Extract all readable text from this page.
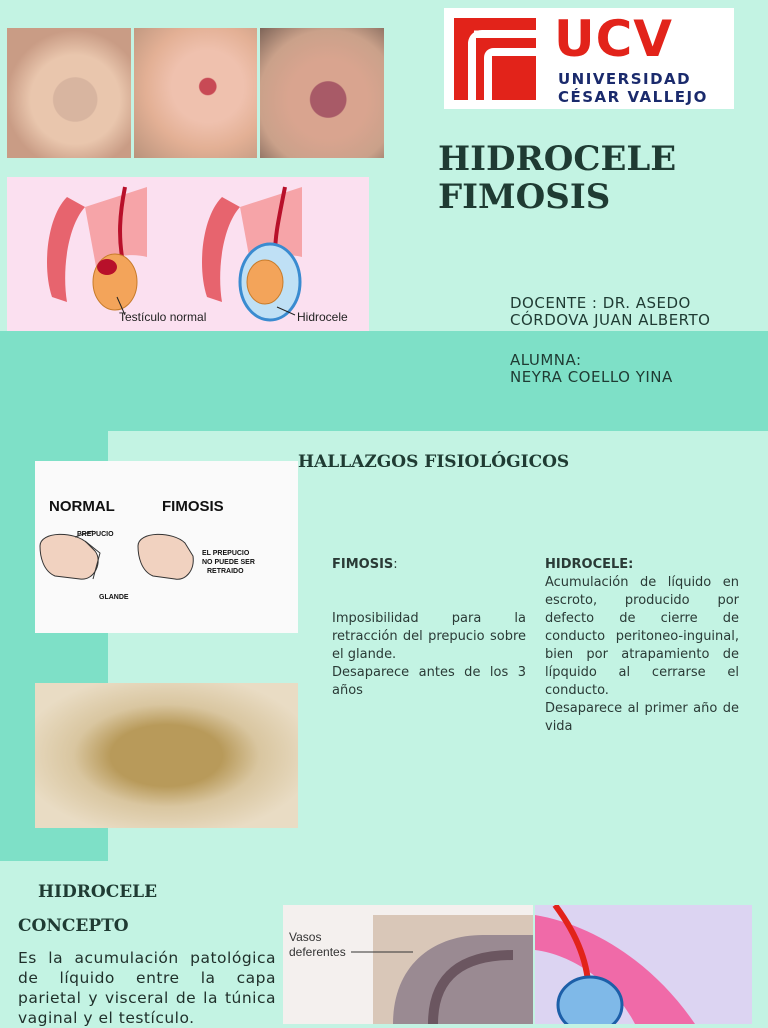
Testículo normal	Hidrocele
UCV
UNIVERSIDAD
CÉSAR VALLEJO
HIDROCELE
FIMOSIS
DOCENTE : DR. ASEDO
CÓRDOVA JUAN ALBERTO
ALUMNA:
NEYRA COELLO YINA
HALLAZGOS FISIOLÓGICOS
NORMAL	FIMOSIS
PREPUCIO
GLANDE
EL PREPUCIO
NO PUEDE SER
RETRAIDO	FIMOSIS:
Imposibilidad para la retracción del prepucio sobre el glande.
Desaparece antes de los 3 años
HIDROCELE:
Acumulación de líquido en escroto, producido por defecto de cierre de conducto peritoneo-inguinal, bien por atrapamiento de lípquido al cerrarse el conducto.
Desaparece al primer año de vida
HIDROCELE
CONCEPTO
Es la acumulación patológica de líquido entre la capa parietal y visceral de la túnica vaginal y el testículo.
Vasos
deferentes
